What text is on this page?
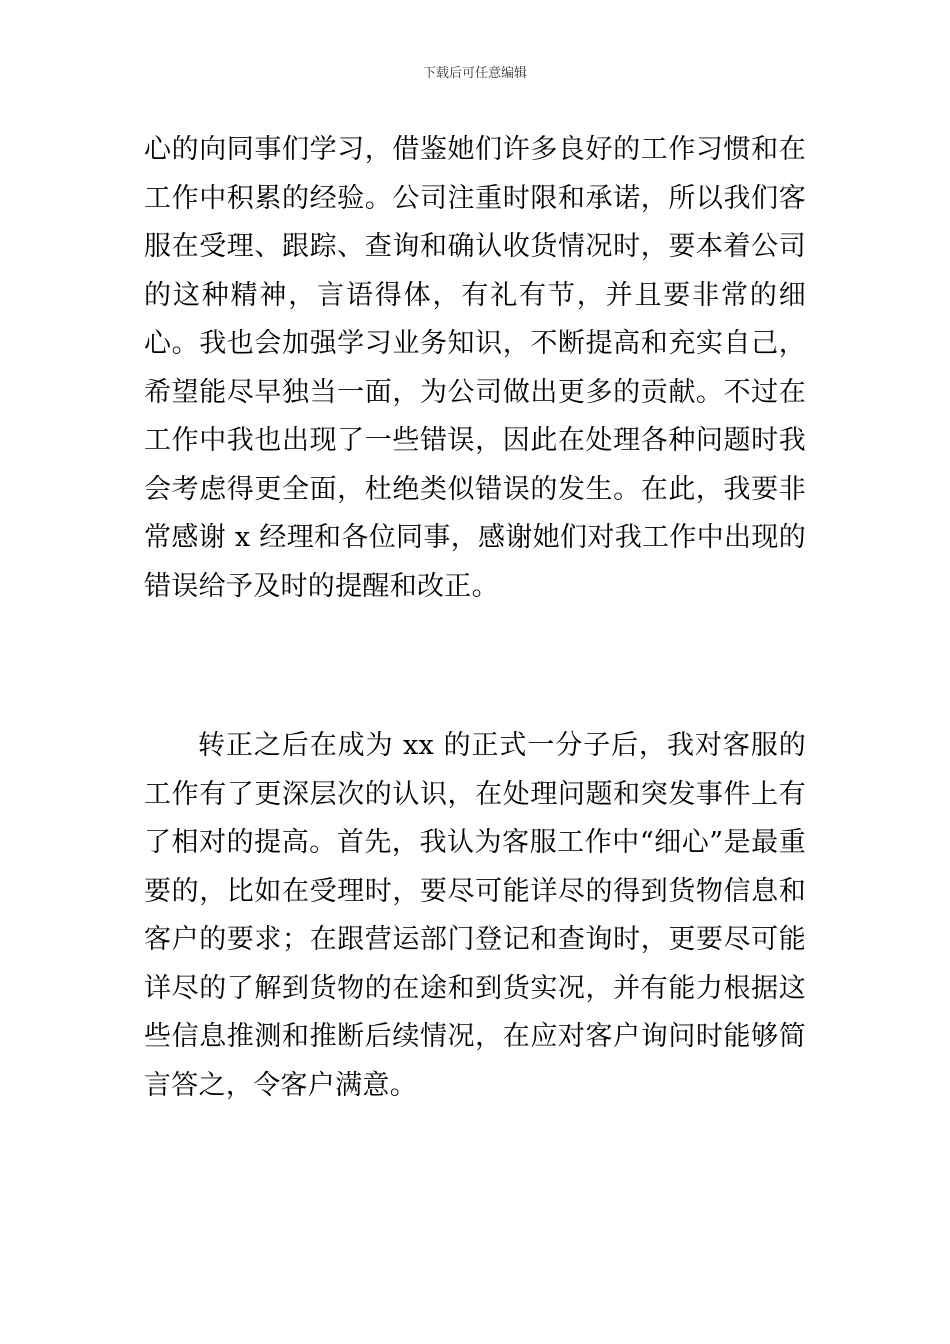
下载后可任意编辑

心的向同事们学习，借鉴她们许多良好的工作习惯和在工作中积累的经验。公司注重时限和承诺，所以我们客服在受理、跟踪、查询和确认收货情况时，要本着公司的这种精神，言语得体，有礼有节，并且要非常的细心。我也会加强学习业务知识，不断提高和充实自己，希望能尽早独当一面，为公司做出更多的贡献。不过在工作中我也出现了一些错误，因此在处理各种问题时我会考虑得更全面，杜绝类似错误的发生。在此，我要非常感谢 x 经理和各位同事，感谢她们对我工作中出现的错误给予及时的提醒和改正。

转正之后在成为 xx 的正式一分子后，我对客服的工作有了更深层次的认识，在处理问题和突发事件上有了相对的提高。首先，我认为客服工作中“细心”是最重要的，比如在受理时，要尽可能详尽的得到货物信息和客户的要求；在跟营运部门登记和查询时，更要尽可能详尽的了解到货物的在途和到货实况，并有能力根据这些信息推测和推断后续情况，在应对客户询问时能够简言答之，令客户满意。
